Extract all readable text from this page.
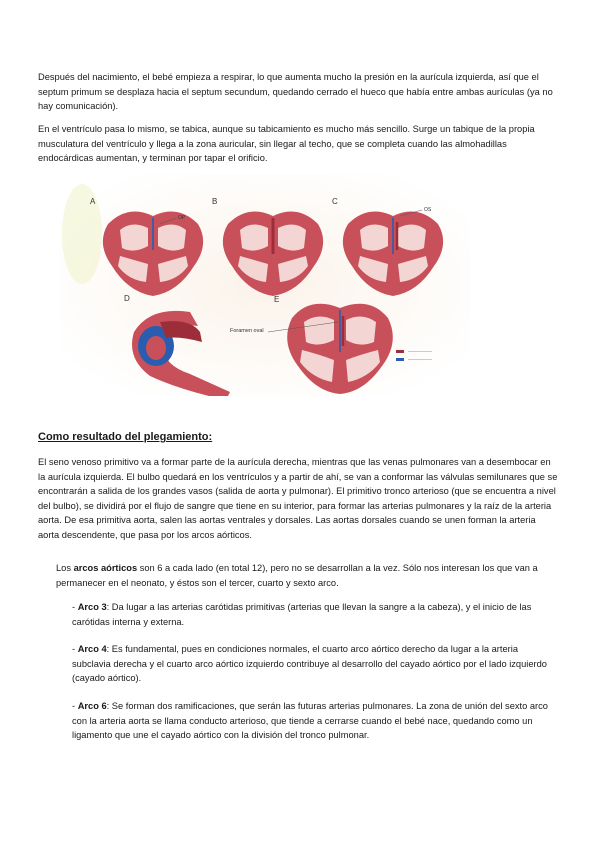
Después del nacimiento, el bebé empieza a respirar, lo que aumenta mucho la presión en la aurícula izquierda, así que el septum primum se desplaza hacia el septum secundum, quedando cerrado el hueco que había entre ambas aurículas (ya no hay comunicación).

En el ventrículo pasa lo mismo, se tabica, aunque su tabicamiento es mucho más sencillo. Surge un tabique de la propia musculatura del ventrículo y llega a la zona auricular, sin llegar al techo, que se completa cuando las almohadillas endocárdicas aumentan, y terminan por tapar el orificio.

A
OP
B	C
OS
D	E
Foramen oval

Como resultado del plegamiento:

El seno venoso primitivo va a formar parte de la aurícula derecha, mientras que las venas pulmonares van a desembocar en la aurícula izquierda. El bulbo quedará en los ventrículos y a partir de ahí, se van a conformar las válvulas semilunares que se encontrarán a salida de los grandes vasos (salida de aorta y pulmonar). El primitivo tronco arterioso (que se encuentra a nivel del bulbo), se dividirá por el flujo de sangre que tiene en su interior, para formar las arterias pulmonares y la raíz de la arteria aorta. De esa primitiva aorta, salen las aortas ventrales y dorsales. Las aortas dorsales cuando se unen forman la arteria aorta descendente, que pasa por los arcos aórticos.

Los arcos aórticos son 6 a cada lado (en total 12), pero no se desarrollan a la vez. Sólo nos interesan los que van a permanecer en el neonato, y éstos son el tercer, cuarto y sexto arco.

- Arco 3: Da lugar a las arterias carótidas primitivas (arterias que llevan la sangre a la cabeza), y el inicio de las carótidas interna y externa.

- Arco 4: Es fundamental, pues en condiciones normales, el cuarto arco aórtico derecho da lugar a la arteria subclavia derecha y el cuarto arco aórtico izquierdo contribuye al desarrollo del cayado aórtico por el lado izquierdo (cayado aórtico).

- Arco 6: Se forman dos ramificaciones, que serán las futuras arterias pulmonares. La zona de unión del sexto arco con la arteria aorta se llama conducto arterioso, que tiende a cerrarse cuando el bebé nace, quedando como un ligamento que une el cayado aórtico con la división del tronco pulmonar.
